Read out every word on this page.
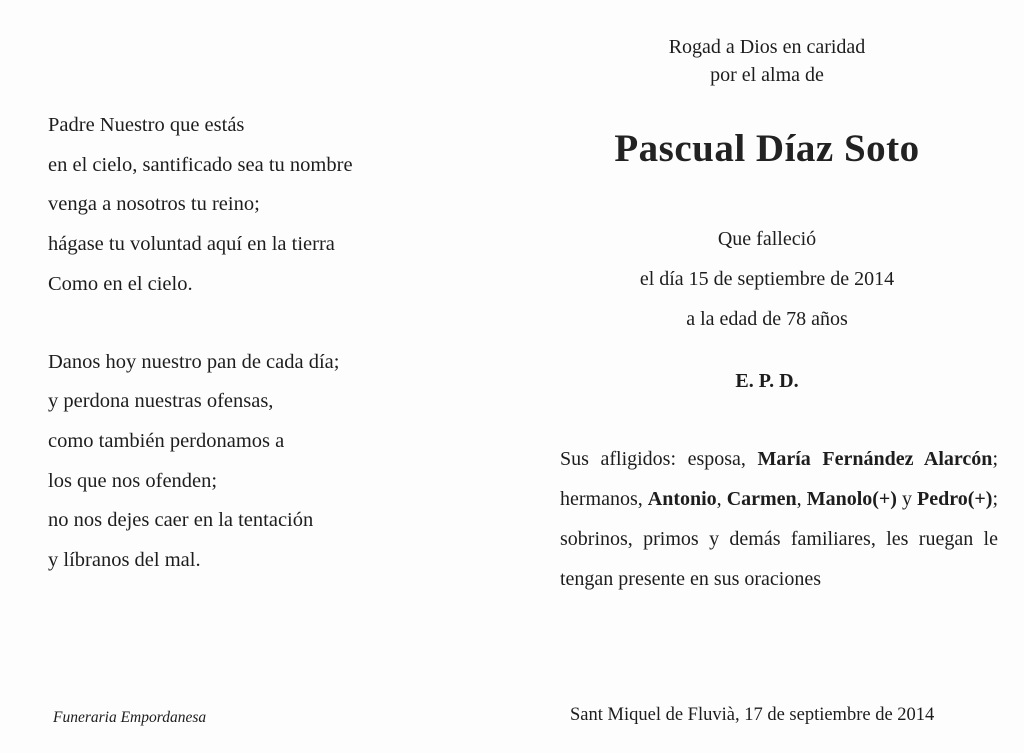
Padre Nuestro que estás
en el cielo, santificado sea tu nombre
venga a nosotros tu reino;
hágase tu voluntad aquí en la tierra
Como en el cielo.
Danos hoy nuestro pan de cada día;
y perdona nuestras ofensas,
como también perdonamos a
los que nos ofenden;
no nos dejes caer en la tentación
y líbranos del mal.
Funeraria Empordanesa
Rogad a Dios en caridad
por el alma de
Pascual Díaz Soto
Que falleció
el día 15 de septiembre de 2014
a la edad de 78 años
E. P. D.
Sus afligidos: esposa, María Fernández Alarcón; hermanos, Antonio, Carmen, Manolo(+) y Pedro(+); sobrinos, primos y demás familiares, les ruegan le tengan presente en sus oraciones
Sant Miquel de Fluvià, 17 de septiembre de 2014
